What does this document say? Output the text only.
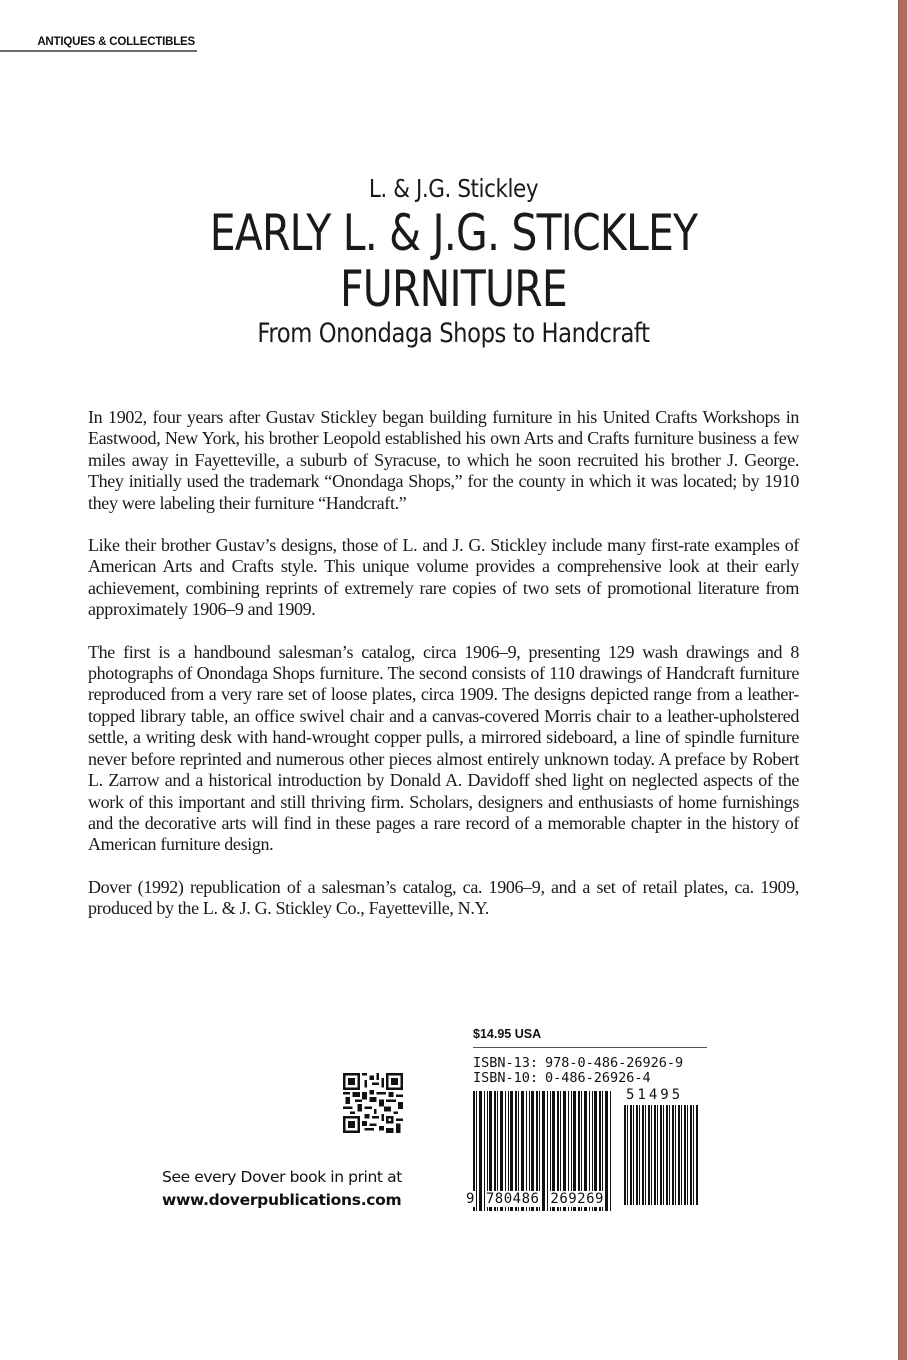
ANTIQUES & COLLECTIBLES
L. & J.G. Stickley
EARLY L. & J.G. STICKLEY
FURNITURE
From Onondaga Shops to Handcraft

In 1902, four years after Gustav Stickley began building furniture in his United Crafts Workshops in Eastwood, New York, his brother Leopold established his own Arts and Crafts furniture business a few miles away in Fayetteville, a suburb of Syracuse, to which he soon recruited his brother J. George. They initially used the trademark “Onondaga Shops,” for the county in which it was located; by 1910 they were labeling their furniture “Handcraft.”

Like their brother Gustav’s designs, those of L. and J. G. Stickley include many first-rate examples of American Arts and Crafts style. This unique volume provides a comprehensive look at their early achievement, combining reprints of extremely rare copies of two sets of promotional literature from approximately 1906–9 and 1909.

The first is a handbound salesman’s catalog, circa 1906–9, presenting 129 wash drawings and 8 photographs of Onondaga Shops furniture. The second consists of 110 drawings of Handcraft furniture reproduced from a very rare set of loose plates, circa 1909. The designs depicted range from a leather-topped library table, an office swivel chair and a canvas-covered Morris chair to a leather-upholstered settle, a writing desk with hand-wrought copper pulls, a mirrored sideboard, a line of spindle furniture never before reprinted and numerous other pieces almost entirely unknown today. A preface by Robert L. Zarrow and a historical introduction by Donald A. Davidoff shed light on neglected aspects of the work of this important and still thriving firm. Scholars, designers and enthusiasts of home furnishings and the decorative arts will find in these pages a rare record of a memorable chapter in the history of American furniture design.

Dover (1992) republication of a salesman’s catalog, ca. 1906–9, and a set of retail plates, ca. 1909, produced by the L. & J. G. Stickley Co., Fayetteville, N.Y.

See every Dover book in print at
www.doverpublications.com
$14.95 USA
ISBN-13: 978-0-486-26926-9
ISBN-10: 0-486-26926-4
9 780486 269269
51495
